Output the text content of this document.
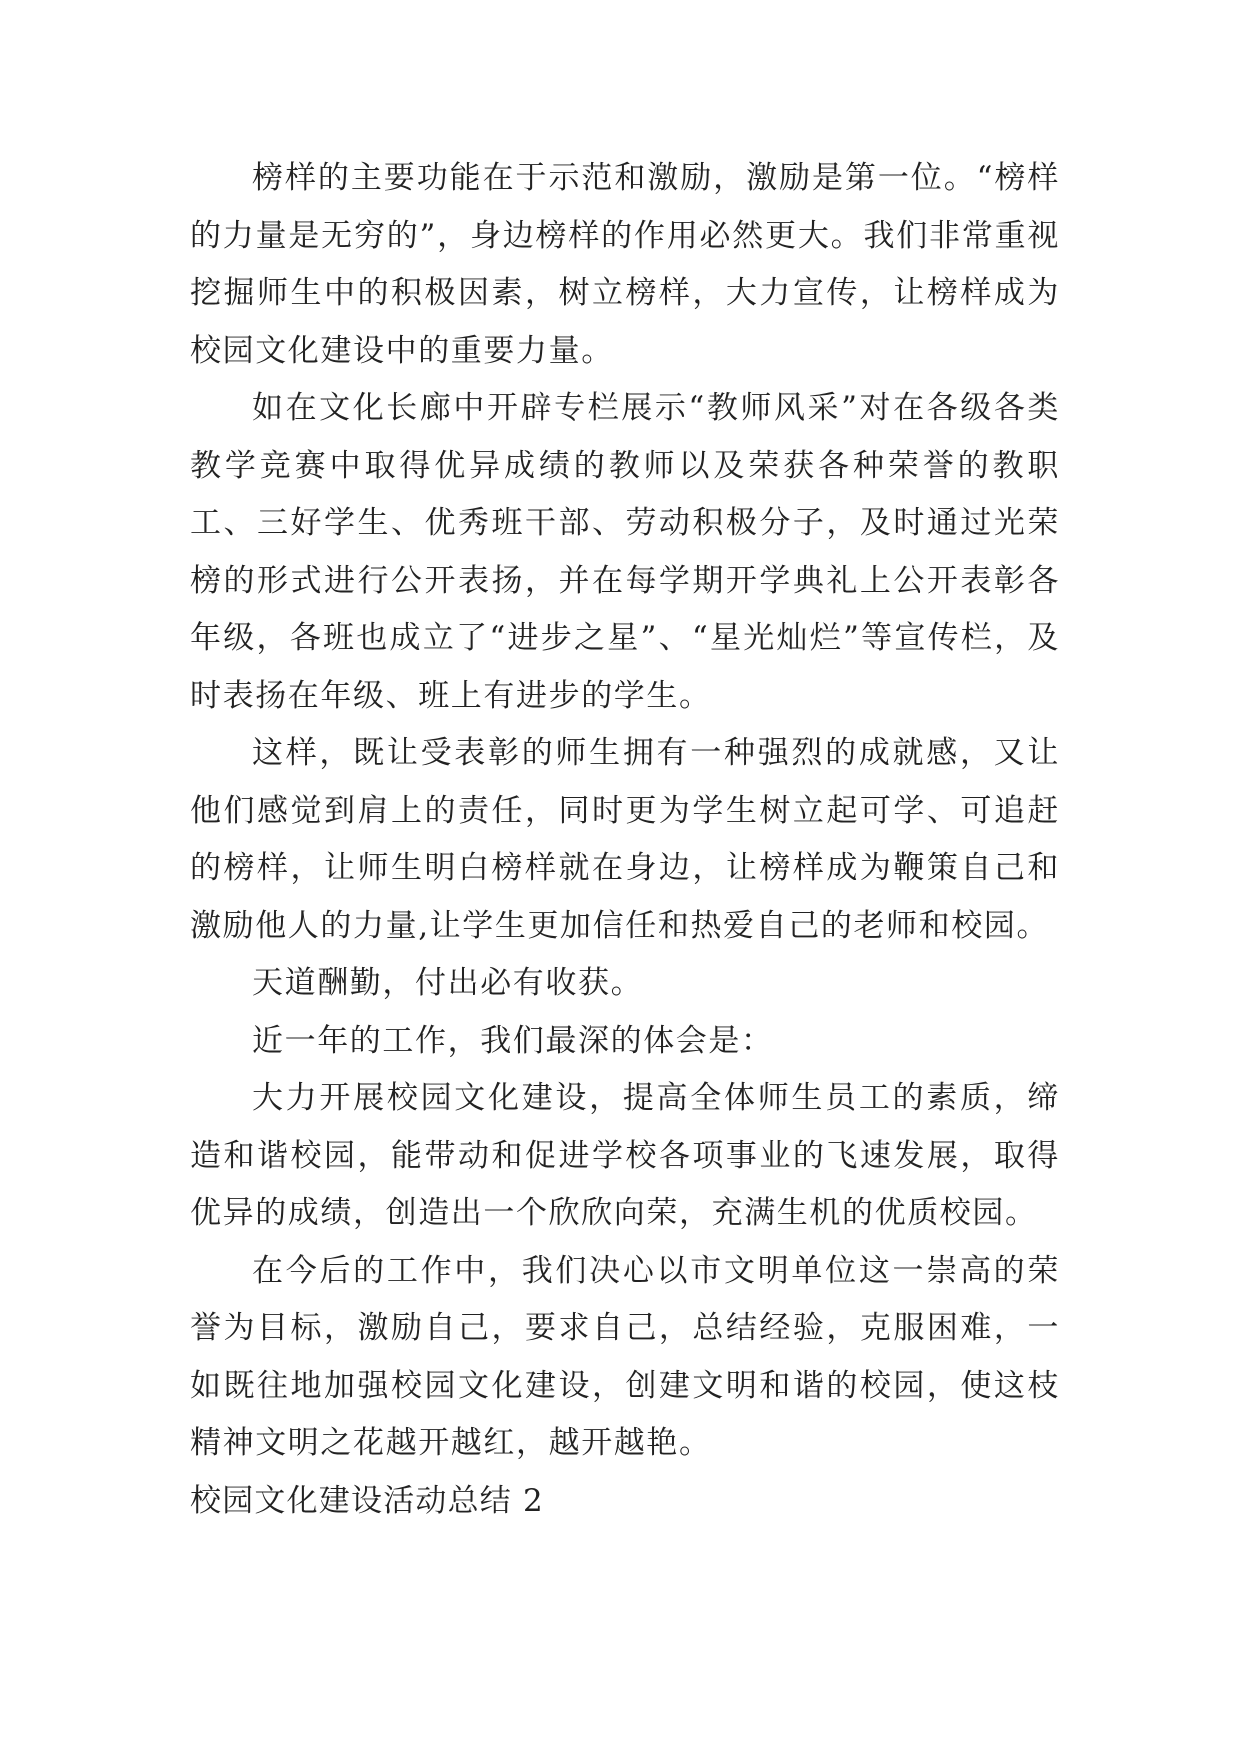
榜样的主要功能在于示范和激励，激励是第一位。“榜样的力量是无穷的”，身边榜样的作用必然更大。我们非常重视挖掘师生中的积极因素，树立榜样，大力宣传，让榜样成为校园文化建设中的重要力量。

如在文化长廊中开辟专栏展示“教师风采”对在各级各类教学竞赛中取得优异成绩的教师以及荣获各种荣誉的教职工、三好学生、优秀班干部、劳动积极分子，及时通过光荣榜的形式进行公开表扬，并在每学期开学典礼上公开表彰各年级，各班也成立了“进步之星”、“星光灿烂”等宣传栏，及时表扬在年级、班上有进步的学生。

这样，既让受表彰的师生拥有一种强烈的成就感，又让他们感觉到肩上的责任，同时更为学生树立起可学、可追赶的榜样，让师生明白榜样就在身边，让榜样成为鞭策自己和激励他人的力量,让学生更加信任和热爱自己的老师和校园。

天道酬勤，付出必有收获。

近一年的工作，我们最深的体会是：

大力开展校园文化建设，提高全体师生员工的素质，缔造和谐校园，能带动和促进学校各项事业的飞速发展，取得优异的成绩，创造出一个欣欣向荣，充满生机的优质校园。

在今后的工作中，我们决心以市文明单位这一崇高的荣誉为目标，激励自己，要求自己，总结经验，克服困难，一如既往地加强校园文化建设，创建文明和谐的校园，使这枝精神文明之花越开越红，越开越艳。

校园文化建设活动总结 2
